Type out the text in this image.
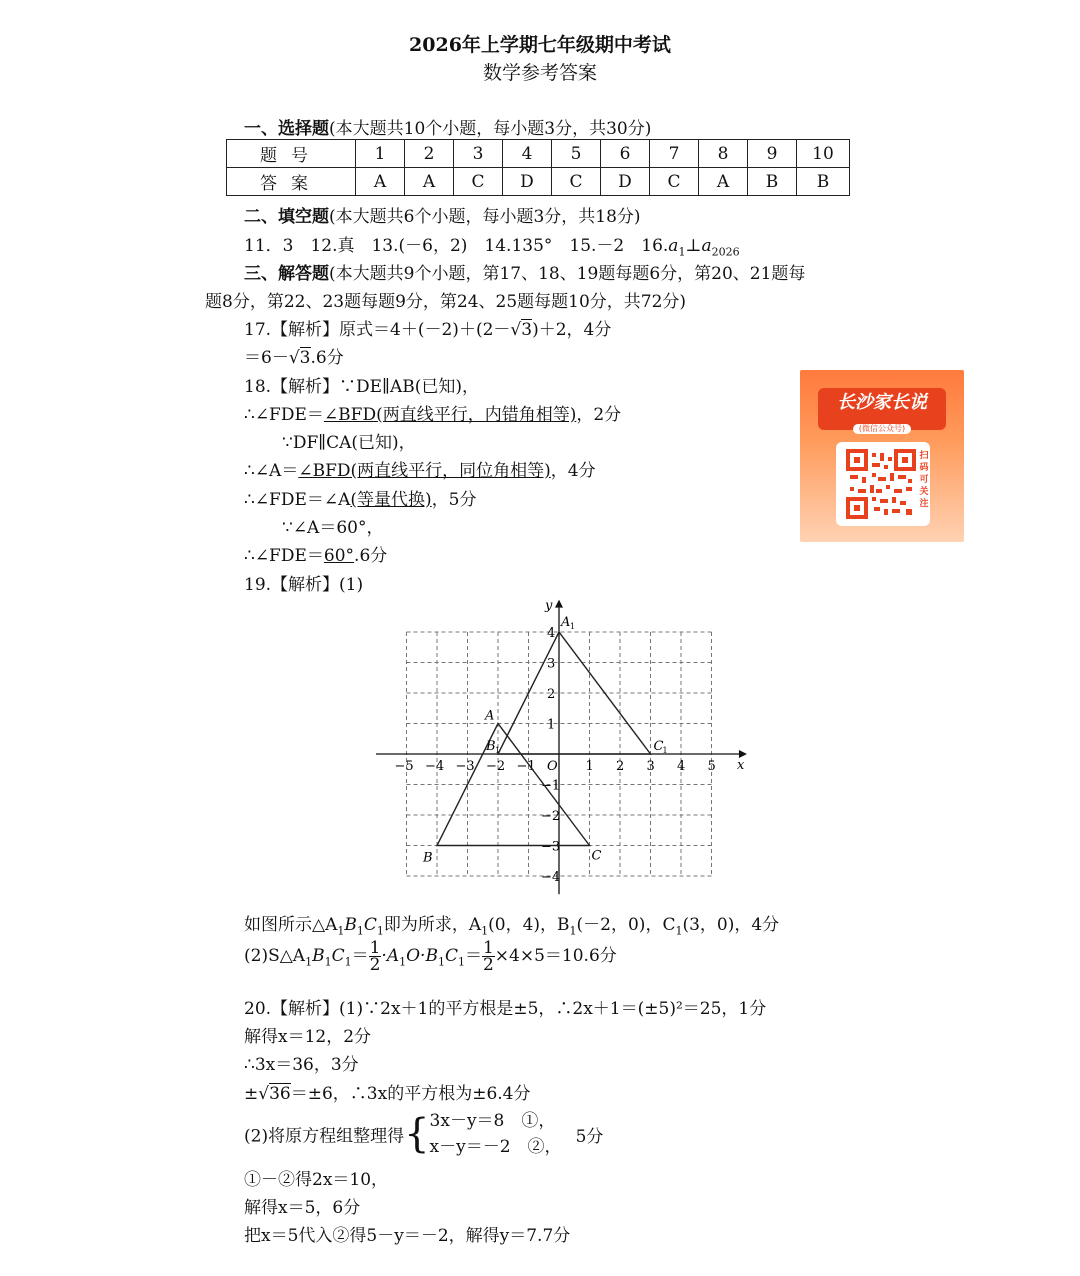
2026年上学期七年级期中考试
数学参考答案
一、选择题(本大题共10个小题，每小题3分，共30分)
题号	1	2	3	4	5	6	7	8	9	10
答案	A	A	C	D	C	D	C	A	B	B
二、填空题(本大题共6个小题，每小题3分，共18分)
11．3　12.真　13.(－6，2)　14.135°　15.－2　$16.a_1\perp a_{2026}$
三、解答题(本大题共9个小题，第17、18、19题每题6分，第20、21题每
题8分，第22、23题每题9分，第24、25题每题10分，共72分)
17.【解析】原式＝4＋(－2)＋(2－√3)＋2，4分
＝6－√3.6分
18.【解析】∵DE∥AB(已知)，
∴∠FDE＝∠BFD(两直线平行，内错角相等)，2分
∵DF∥CA(已知)，
∴∠A＝∠BFD(两直线平行，同位角相等)，4分
∴∠FDE＝∠A(等量代换)，5分
∵∠A＝60°，
∴∠FDE＝60°.6分
19.【解析】(1)
x
y
O
−5 −4 −3 −2 −1	1 2 3 4 5
4
3
2
1
−1
−2
−3
−4
A
B	C
A 1
B 1	C 1
如图所示$\triangle A_1B_1C_1$即为所求，$A_1(0$，4)，$B_1(-2$，0)，$C_1(3$，0)，4分
$(2)S\triangle A_1B_1C_1= \frac{1}{2} \cdot A_1O\cdot B_1C_1= \frac{1}{2} \times 4\times 5=10.6$分
20.【解析】(1)∵2x＋1的平方根是±5，∴2x＋1＝(±5)²＝25，1分
解得x＝12，2分
∴3x＝36，3分
±√36＝±6，∴3x的平方根为±6.4分
(2)将原方程组整理得{ 3x－y＝8　①，
x－y＝－2　②，
5分
①－②得2x＝10，
解得x＝5，6分
把x＝5代入②得5－y＝－2，解得y＝7.7分
长沙家长说
(微信公众号)
扫码可关注
